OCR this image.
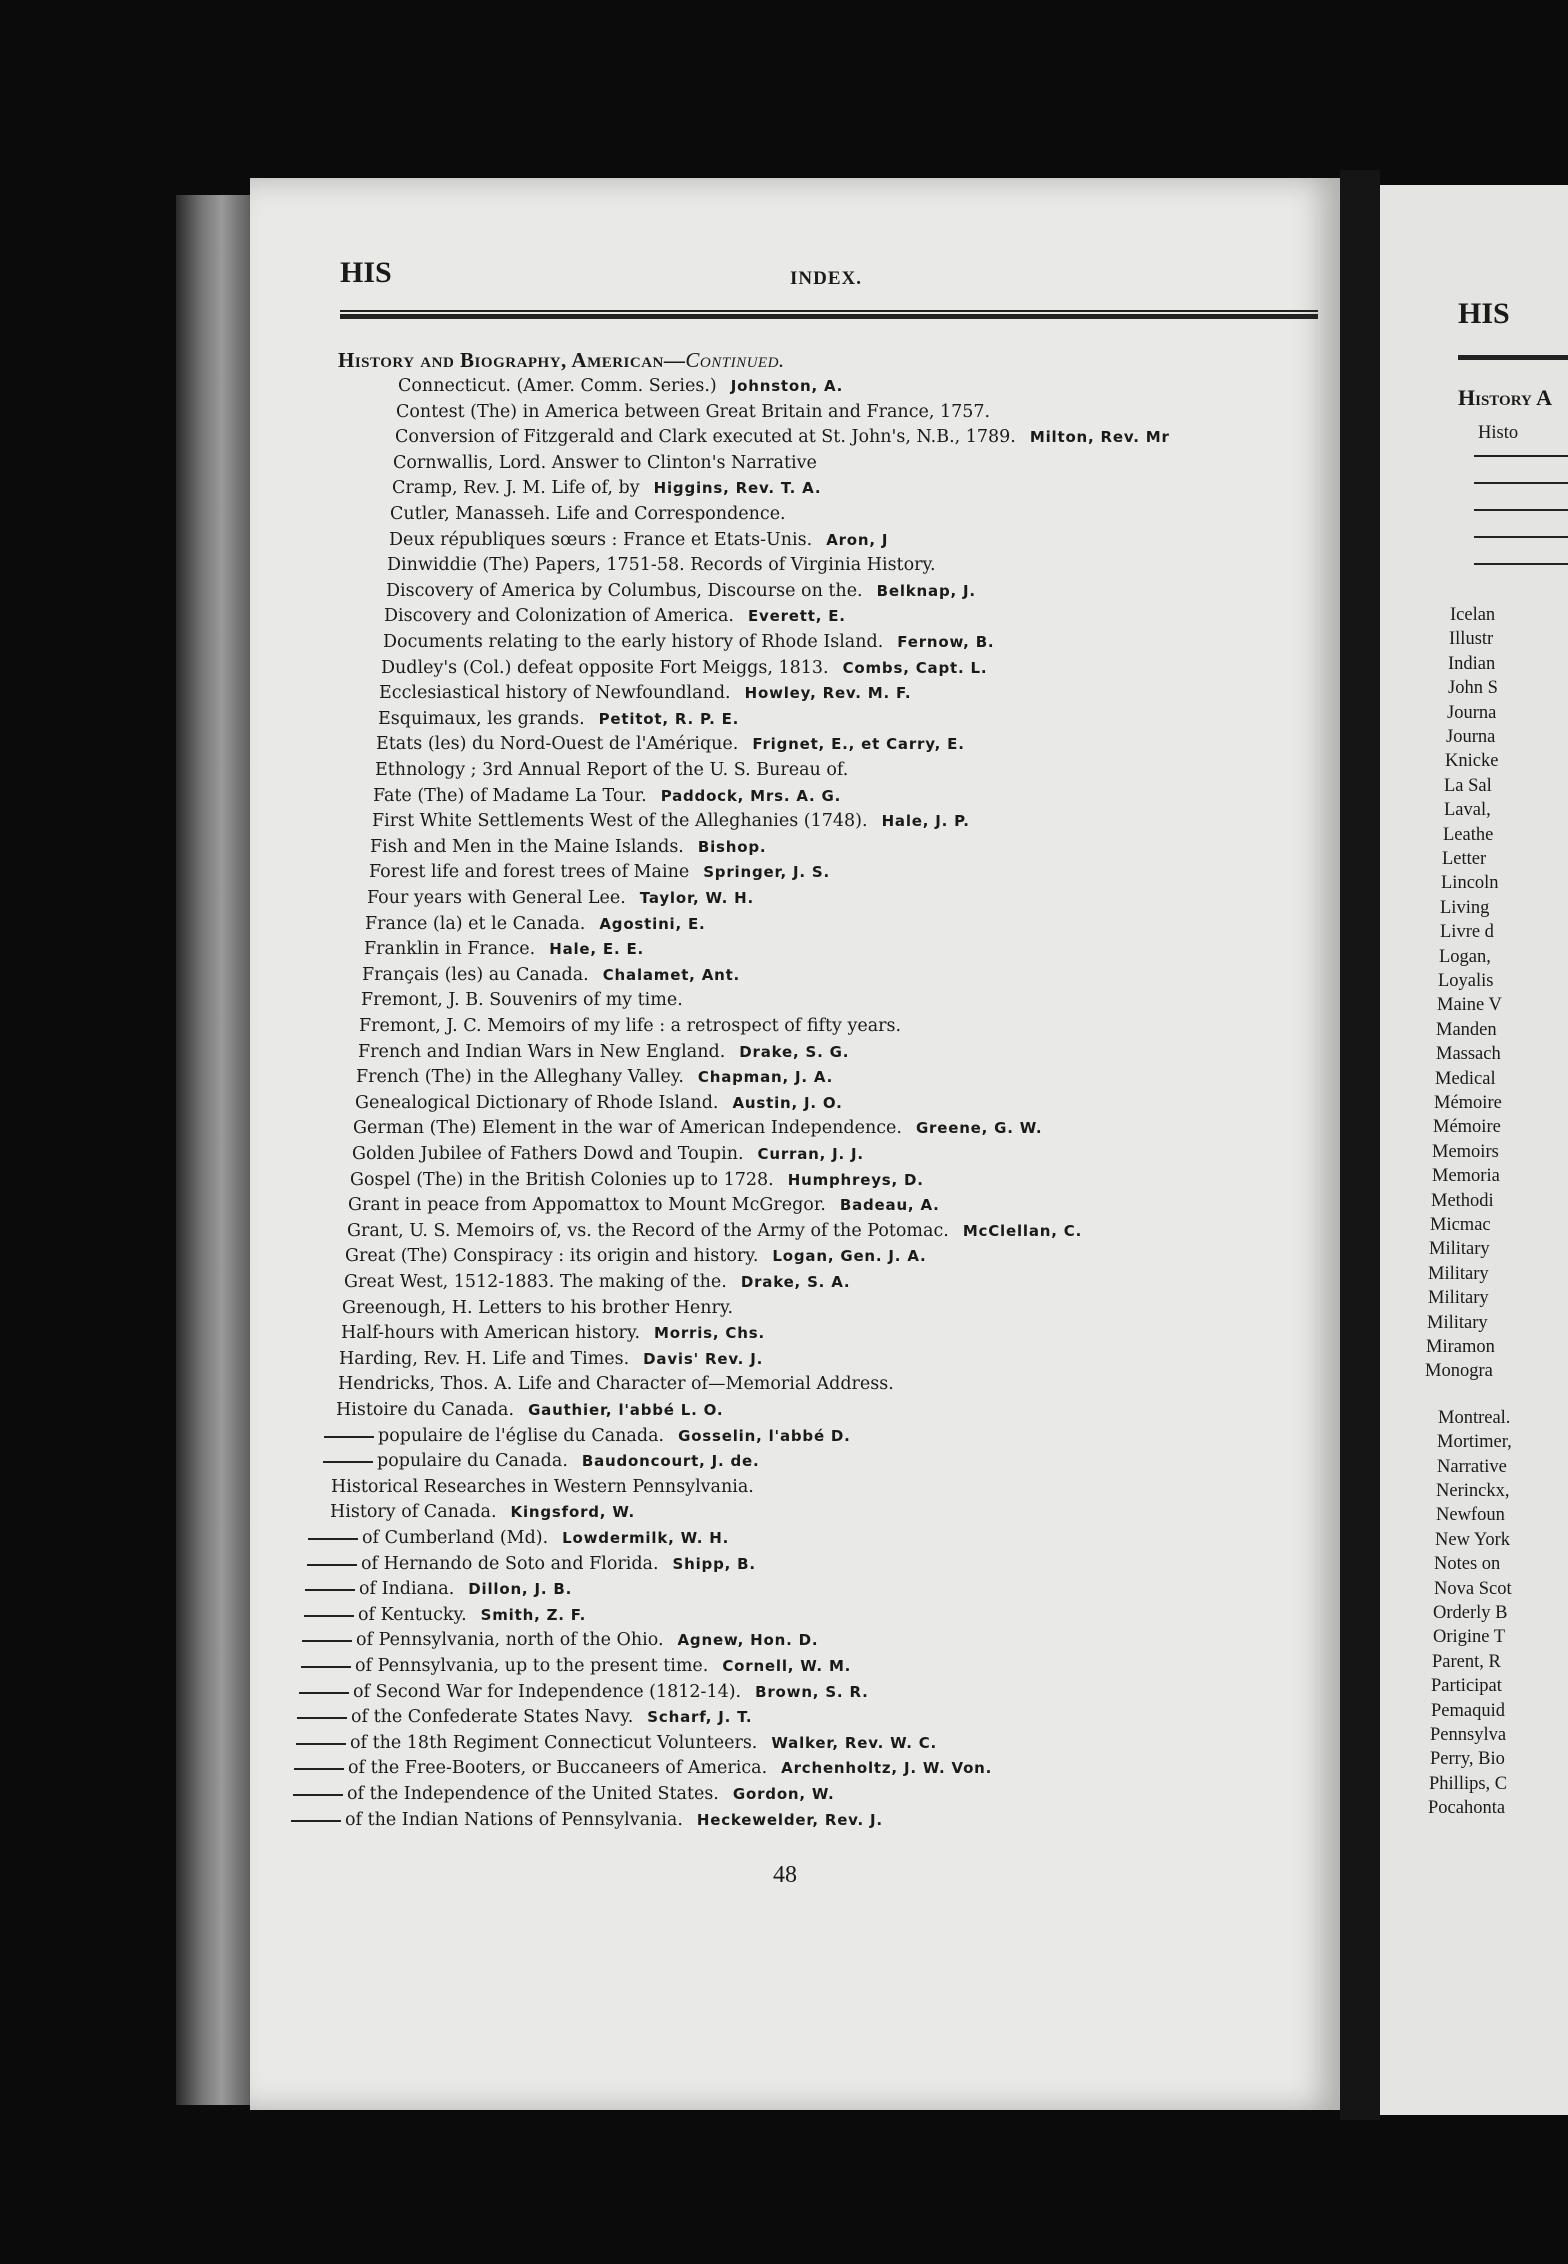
HIS	INDEX.
History and Biography, American—Continued.
Connecticut. (Amer. Comm. Series.) Johnston, A.
Contest (The) in America between Great Britain and France, 1757.
Conversion of Fitzgerald and Clark executed at St. John's, N.B., 1789. Milton, Rev. Mr
Cornwallis, Lord. Answer to Clinton's Narrative
Cramp, Rev. J. M. Life of, by Higgins, Rev. T. A.
Cutler, Manasseh. Life and Correspondence.
Deux républiques sœurs : France et Etats-Unis. Aron, J
Dinwiddie (The) Papers, 1751-58. Records of Virginia History.
Discovery of America by Columbus, Discourse on the. Belknap, J.
Discovery and Colonization of America. Everett, E.
Documents relating to the early history of Rhode Island. Fernow, B.
Dudley's (Col.) defeat opposite Fort Meiggs, 1813. Combs, Capt. L.
Ecclesiastical history of Newfoundland. Howley, Rev. M. F.
Esquimaux, les grands. Petitot, R. P. E.
Etats (les) du Nord-Ouest de l'Amérique. Frignet, E., et Carry, E.
Ethnology ; 3rd Annual Report of the U. S. Bureau of.
Fate (The) of Madame La Tour. Paddock, Mrs. A. G.
First White Settlements West of the Alleghanies (1748). Hale, J. P.
Fish and Men in the Maine Islands. Bishop.
Forest life and forest trees of Maine Springer, J. S.
Four years with General Lee. Taylor, W. H.
France (la) et le Canada. Agostini, E.
Franklin in France. Hale, E. E.
Français (les) au Canada. Chalamet, Ant.
Fremont, J. B. Souvenirs of my time.
Fremont, J. C. Memoirs of my life : a retrospect of fifty years.
French and Indian Wars in New England. Drake, S. G.
French (The) in the Alleghany Valley. Chapman, J. A.
Genealogical Dictionary of Rhode Island. Austin, J. O.
German (The) Element in the war of American Independence. Greene, G. W.
Golden Jubilee of Fathers Dowd and Toupin. Curran, J. J.
Gospel (The) in the British Colonies up to 1728. Humphreys, D.
Grant in peace from Appomattox to Mount McGregor. Badeau, A.
Grant, U. S. Memoirs of, vs. the Record of the Army of the Potomac. McClellan, C.
Great (The) Conspiracy : its origin and history. Logan, Gen. J. A.
Great West, 1512-1883. The making of the. Drake, S. A.
Greenough, H. Letters to his brother Henry.
Half-hours with American history. Morris, Chs.
Harding, Rev. H. Life and Times. Davis' Rev. J.
Hendricks, Thos. A. Life and Character of—Memorial Address.
Histoire du Canada. Gauthier, l'abbé L. O.
populaire de l'église du Canada. Gosselin, l'abbé D.
populaire du Canada. Baudoncourt, J. de.
Historical Researches in Western Pennsylvania.
History of Canada. Kingsford, W.
of Cumberland (Md). Lowdermilk, W. H.
of Hernando de Soto and Florida. Shipp, B.
of Indiana. Dillon, J. B.
of Kentucky. Smith, Z. F.
of Pennsylvania, north of the Ohio. Agnew, Hon. D.
of Pennsylvania, up to the present time. Cornell, W. M.
of Second War for Independence (1812-14). Brown, S. R.
of the Confederate States Navy. Scharf, J. T.
of the 18th Regiment Connecticut Volunteers. Walker, Rev. W. C.
of the Free-Booters, or Buccaneers of America. Archenholtz, J. W. Von.
of the Independence of the United States. Gordon, W.
of the Indian Nations of Pennsylvania. Heckewelder, Rev. J.
48
HIS
History A
Histo
Icelan
Illustr
Indian
John S
Journa
Journa
Knicke
La Sal
Laval,
Leathe
Letter
Lincoln
Living
Livre d
Logan,
Loyalis
Maine V
Manden
Massach
Medical
Mémoire
Mémoire
Memoirs
Memoria
Methodi
Micmac
Military
Military
Military
Military
Miramon
Monogra
Montreal.
Mortimer,
Narrative
Nerinckx,
Newfoun
New York
Notes on
Nova Scot
Orderly B
Origine T
Parent, R
Participat
Pemaquid
Pennsylva
Perry, Bio
Phillips, C
Pocahonta
